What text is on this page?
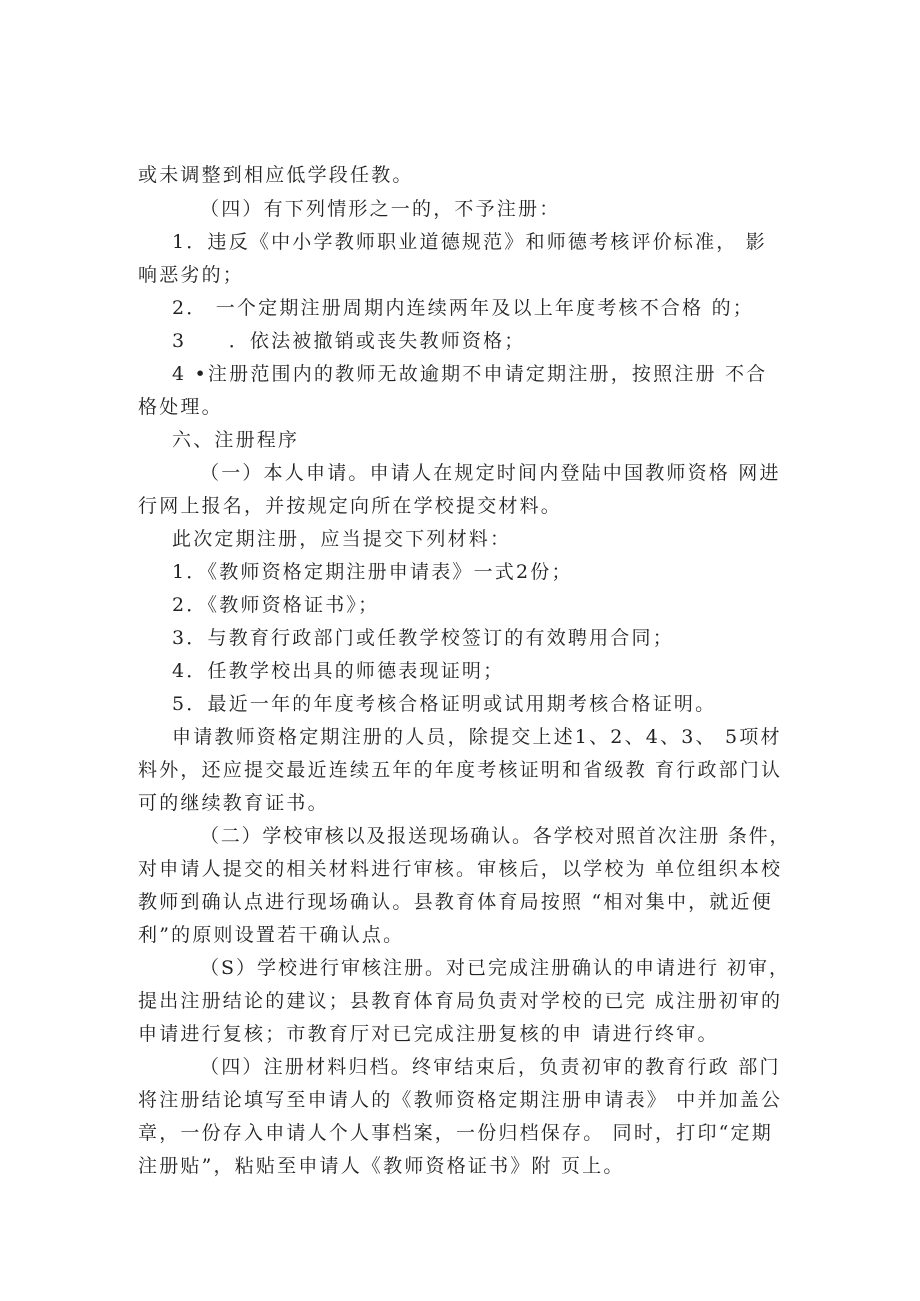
或未调整到相应低学段任教。
（四）有下列情形之一的，不予注册：
1．违反《中小学教师职业道德规范》和师德考核评价标准， 影
响恶劣的；
2． 一个定期注册周期内连续两年及以上年度考核不合格 的；
3　　．依法被撤销或丧失教师资格；
4 •注册范围内的教师无故逾期不申请定期注册，按照注册 不合
格处理。
六、注册程序
（一）本人申请。申请人在规定时间内登陆中国教师资格 网进
行网上报名，并按规定向所在学校提交材料。
此次定期注册，应当提交下列材料：
1．《教师资格定期注册申请表》一式2份；
2．《教师资格证书》；
3．与教育行政部门或任教学校签订的有效聘用合同；
4．任教学校出具的师德表现证明；
5．最近一年的年度考核合格证明或试用期考核合格证明。
申请教师资格定期注册的人员，除提交上述1、2、4、3、 5项材
料外，还应提交最近连续五年的年度考核证明和省级教 育行政部门认
可的继续教育证书。
（二）学校审核以及报送现场确认。各学校对照首次注册 条件，
对申请人提交的相关材料进行审核。审核后，以学校为 单位组织本校
教师到确认点进行现场确认。县教育体育局按照 “相对集中，就近便
利”的原则设置若干确认点。
（S）学校进行审核注册。对已完成注册确认的申请进行 初审，
提出注册结论的建议；县教育体育局负责对学校的已完 成注册初审的
申请进行复核；市教育厅对已完成注册复核的申 请进行终审。
（四）注册材料归档。终审结束后，负责初审的教育行政 部门
将注册结论填写至申请人的《教师资格定期注册申请表》 中并加盖公
章，一份存入申请人个人事档案，一份归档保存。 同时，打印“定期
注册贴”，粘贴至申请人《教师资格证书》附 页上。
